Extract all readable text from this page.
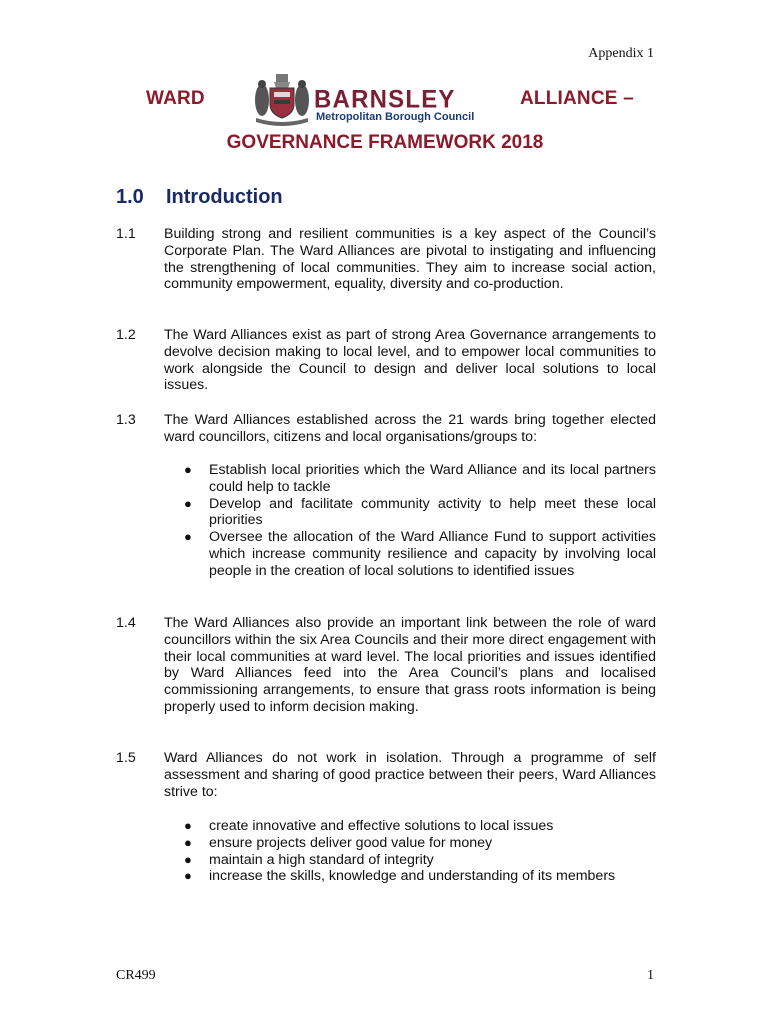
Appendix 1
WARD	BARNSLEY
Metropolitan Borough Council
ALLIANCE –
GOVERNANCE FRAMEWORK 2018
1.0 Introduction
1.1 Building strong and resilient communities is a key aspect of the Council’s Corporate Plan. The Ward Alliances are pivotal to instigating and influencing the strengthening of local communities. They aim to increase social action, community empowerment, equality, diversity and co-production.
1.2 The Ward Alliances exist as part of strong Area Governance arrangements to devolve decision making to local level, and to empower local communities to work alongside the Council to design and deliver local solutions to local issues.
1.3 The Ward Alliances established across the 21 wards bring together elected ward councillors, citizens and local organisations/groups to:
● Establish local priorities which the Ward Alliance and its local partners could help to tackle
● Develop and facilitate community activity to help meet these local priorities
● Oversee the allocation of the Ward Alliance Fund to support activities which increase community resilience and capacity by involving local people in the creation of local solutions to identified issues
1.4 The Ward Alliances also provide an important link between the role of ward councillors within the six Area Councils and their more direct engagement with their local communities at ward level. The local priorities and issues identified by Ward Alliances feed into the Area Council’s plans and localised commissioning arrangements, to ensure that grass roots information is being properly used to inform decision making.
1.5 Ward Alliances do not work in isolation. Through a programme of self assessment and sharing of good practice between their peers, Ward Alliances strive to:
● create innovative and effective solutions to local issues
● ensure projects deliver good value for money
● maintain a high standard of integrity
● increase the skills, knowledge and understanding of its members
CR499	1
